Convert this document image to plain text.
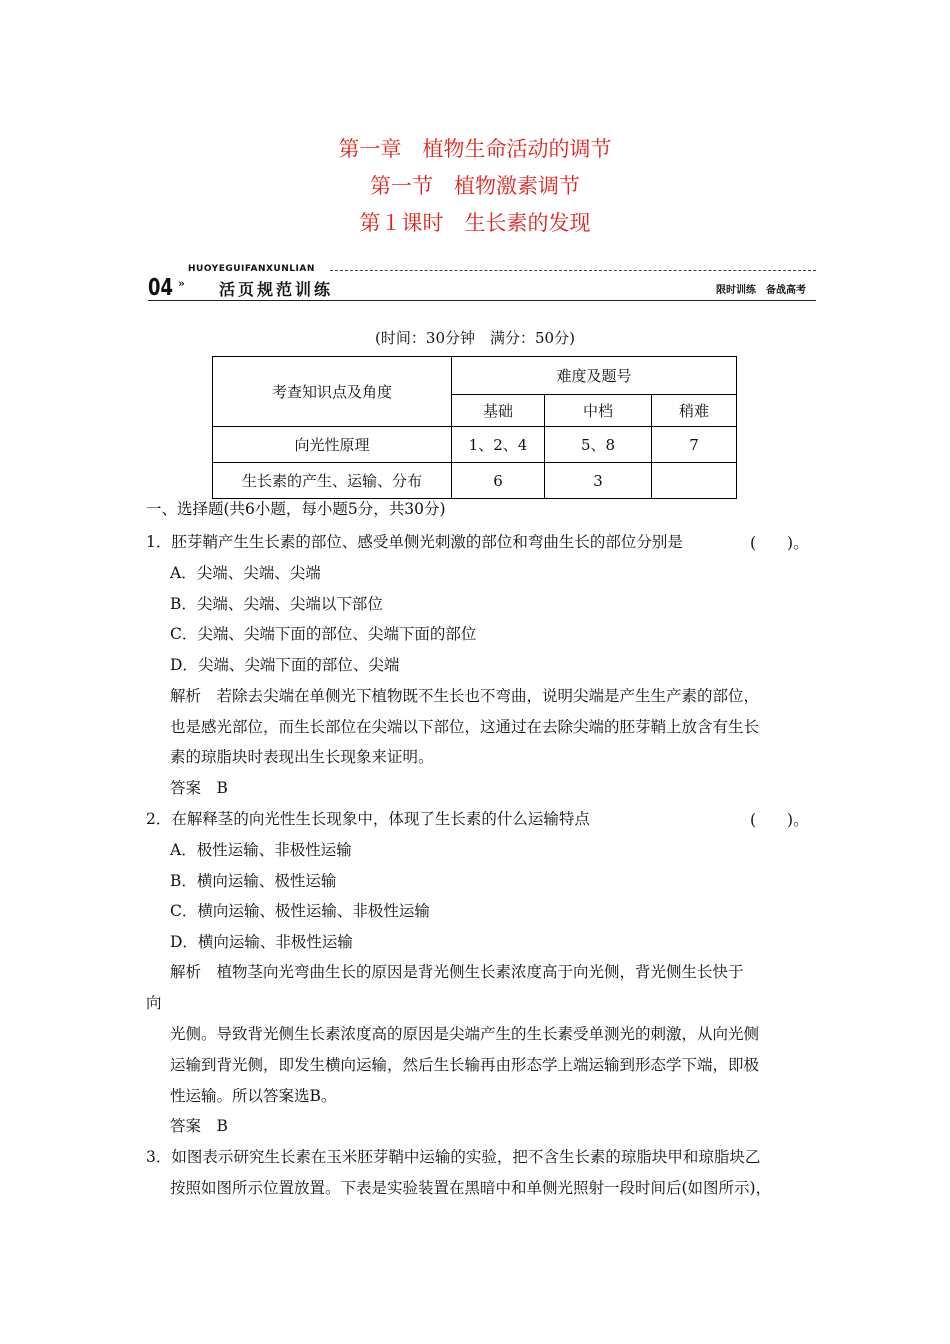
第一章　植物生命活动的调节
第一节　植物激素调节
第１课时　生长素的发现
HUOYEGUIFANXUNLIAN
04 » 活页规范训练	限时训练　备战高考
(时间：30分钟　满分：50分)
考查知识点及角度	难度及题号		
	基础	中档	稍难
向光性原理	1、2、4	5、8	7
生长素的产生、运输、分布	6	3	
一、选择题(共6小题，每小题5分，共30分)
1．胚芽鞘产生生长素的部位、感受单侧光刺激的部位和弯曲生长的部位分别是	(　　)。
A．尖端、尖端、尖端
B．尖端、尖端、尖端以下部位
C．尖端、尖端下面的部位、尖端下面的部位
D．尖端、尖端下面的部位、尖端
解析　若除去尖端在单侧光下植物既不生长也不弯曲，说明尖端是产生生产素的部位，
也是感光部位，而生长部位在尖端以下部位，这通过在去除尖端的胚芽鞘上放含有生长
素的琼脂块时表现出生长现象来证明。
答案　B
2．在解释茎的向光性生长现象中，体现了生长素的什么运输特点	(　　)。
A．极性运输、非极性运输
B．横向运输、极性运输
C．横向运输、极性运输、非极性运输
D．横向运输、非极性运输
解析　植物茎向光弯曲生长的原因是背光侧生长素浓度高于向光侧，背光侧生长快于
向
光侧。导致背光侧生长素浓度高的原因是尖端产生的生长素受单测光的刺激，从向光侧
运输到背光侧，即发生横向运输，然后生长输再由形态学上端运输到形态学下端，即极
性运输。所以答案选B。
答案　B
3．如图表示研究生长素在玉米胚芽鞘中运输的实验，把不含生长素的琼脂块甲和琼脂块乙
按照如图所示位置放置。下表是实验装置在黑暗中和单侧光照射一段时间后(如图所示)，
